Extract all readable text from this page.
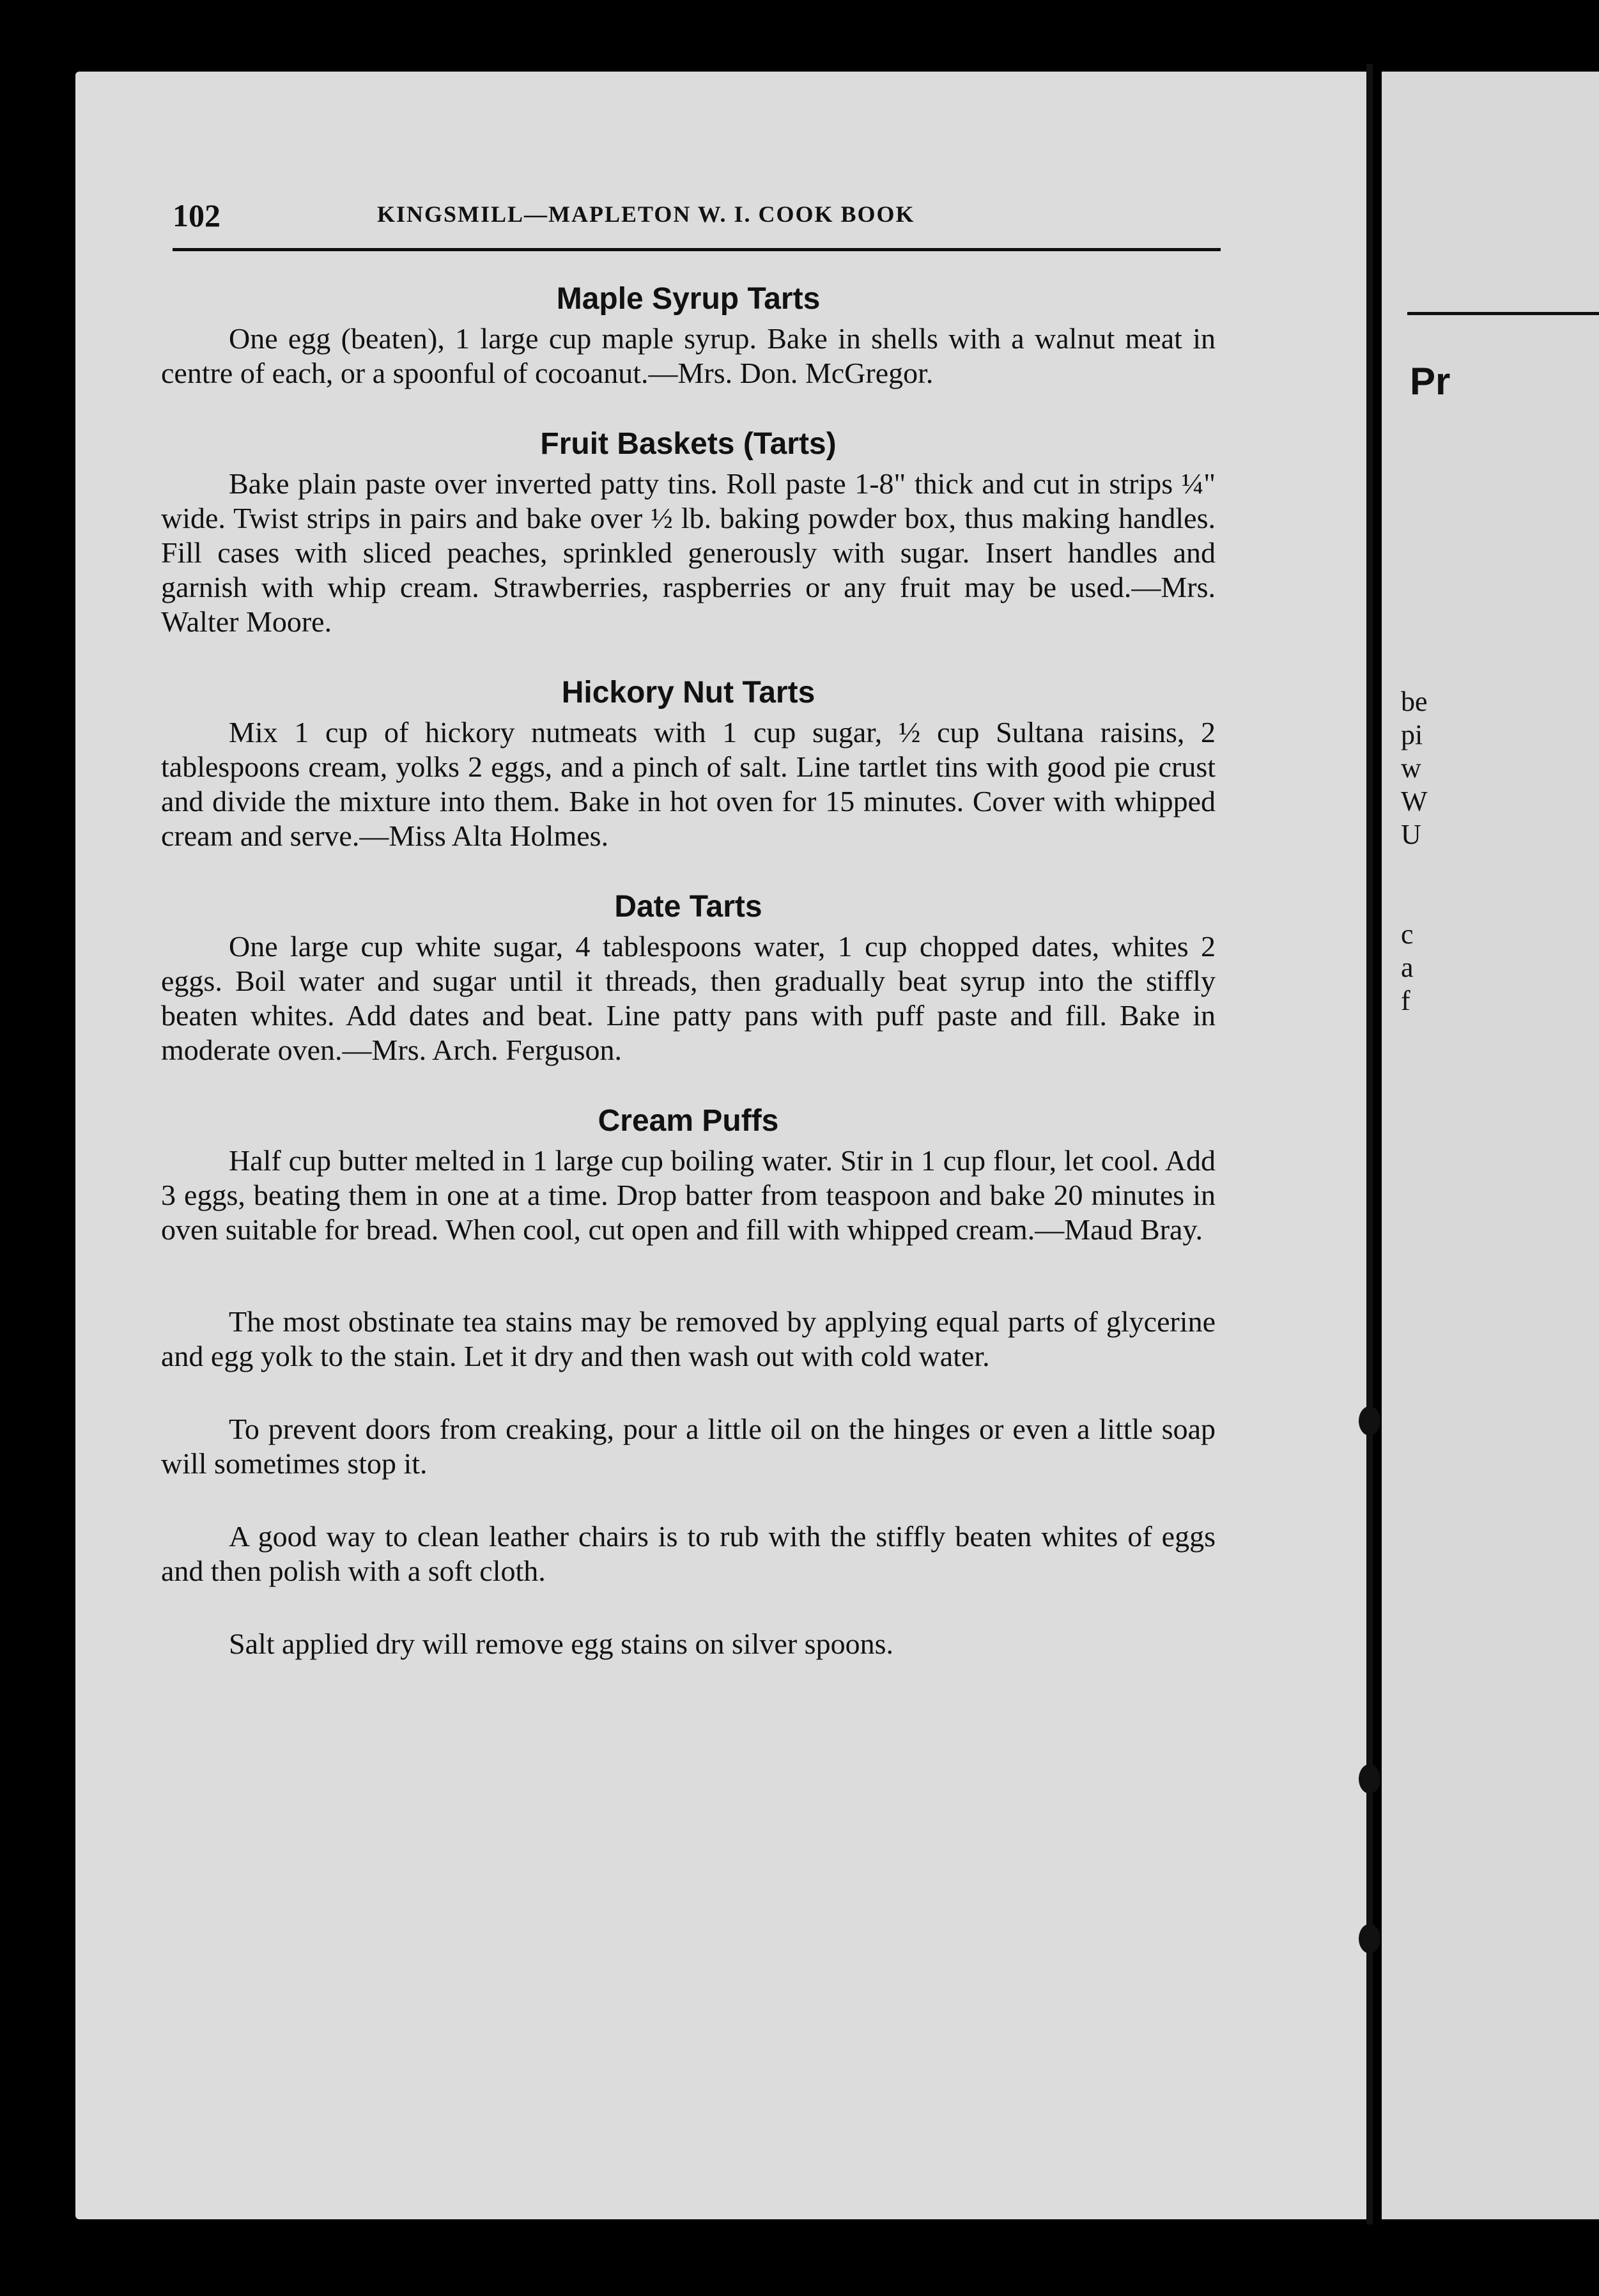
Pr
be
pi
w
W
U

c
a
f
102	KINGSMILL—MAPLETON W. I. COOK BOOK
Maple Syrup Tarts

One egg (beaten), 1 large cup maple syrup. Bake in shells with a walnut meat in centre of each, or a spoonful of cocoanut.—Mrs. Don. McGregor.

Fruit Baskets (Tarts)

Bake plain paste over inverted patty tins. Roll paste 1-8" thick and cut in strips ¼" wide. Twist strips in pairs and bake over ½ lb. baking powder box, thus making handles. Fill cases with sliced peaches, sprinkled generously with sugar. Insert handles and garnish with whip cream. Strawberries, raspberries or any fruit may be used.—Mrs. Walter Moore.

Hickory Nut Tarts

Mix 1 cup of hickory nutmeats with 1 cup sugar, ½ cup Sultana raisins, 2 tablespoons cream, yolks 2 eggs, and a pinch of salt. Line tartlet tins with good pie crust and divide the mixture into them. Bake in hot oven for 15 minutes. Cover with whipped cream and serve.—Miss Alta Holmes.

Date Tarts

One large cup white sugar, 4 tablespoons water, 1 cup chopped dates, whites 2 eggs. Boil water and sugar until it threads, then gradually beat syrup into the stiffly beaten whites. Add dates and beat. Line patty pans with puff paste and fill. Bake in moderate oven.—Mrs. Arch. Ferguson.

Cream Puffs

Half cup butter melted in 1 large cup boiling water. Stir in 1 cup flour, let cool. Add 3 eggs, beating them in one at a time. Drop batter from teaspoon and bake 20 minutes in oven suitable for bread. When cool, cut open and fill with whipped cream.—Maud Bray.

The most obstinate tea stains may be removed by applying equal parts of glycerine and egg yolk to the stain. Let it dry and then wash out with cold water.

To prevent doors from creaking, pour a little oil on the hinges or even a little soap will sometimes stop it.

A good way to clean leather chairs is to rub with the stiffly beaten whites of eggs and then polish with a soft cloth.

Salt applied dry will remove egg stains on silver spoons.
